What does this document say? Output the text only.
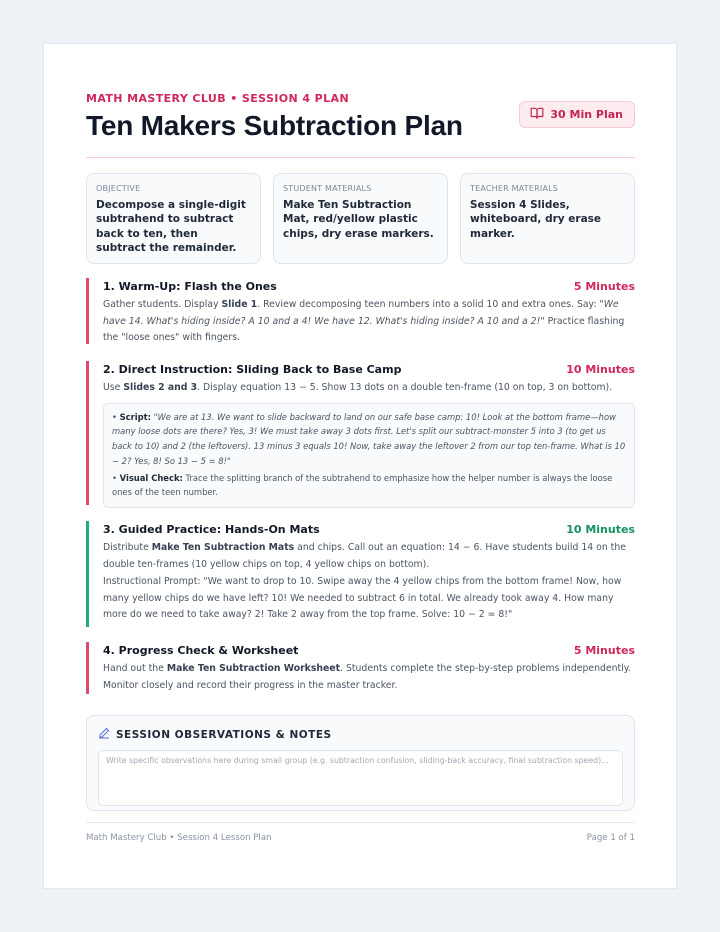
MATH MASTERY CLUB • SESSION 4 PLAN
Ten Makers Subtraction Plan	30 Min Plan
OBJECTIVE
Decompose a single-digit subtrahend to subtract back to ten, then subtract the remainder.
STUDENT MATERIALS
Make Ten Subtraction Mat, red/yellow plastic chips, dry erase markers.
TEACHER MATERIALS
Session 4 Slides, whiteboard, dry erase marker.
1. Warm-Up: Flash the Ones	5 Minutes
Gather students. Display Slide 1. Review decomposing teen numbers into a solid 10 and extra ones. Say: "We have 14. What's hiding inside? A 10 and a 4! We have 12. What's hiding inside? A 10 and a 2!" Practice flashing the "loose ones" with fingers.
2. Direct Instruction: Sliding Back to Base Camp	10 Minutes
Use Slides 2 and 3. Display equation 13 − 5. Show 13 dots on a double ten-frame (10 on top, 3 on bottom).
• Script: "We are at 13. We want to slide backward to land on our safe base camp: 10! Look at the bottom frame—how many loose dots are there? Yes, 3! We must take away 3 dots first. Let's split our subtract-monster 5 into 3 (to get us back to 10) and 2 (the leftovers). 13 minus 3 equals 10! Now, take away the leftover 2 from our top ten-frame. What is 10 − 2? Yes, 8! So 13 − 5 = 8!"
• Visual Check: Trace the splitting branch of the subtrahend to emphasize how the helper number is always the loose ones of the teen number.
3. Guided Practice: Hands-On Mats	10 Minutes

Distribute Make Ten Subtraction Mats and chips. Call out an equation: 14 − 6. Have students build 14 on the double ten-frames (10 yellow chips on top, 4 yellow chips on bottom).

Instructional Prompt: "We want to drop to 10. Swipe away the 4 yellow chips from the bottom frame! Now, how many yellow chips do we have left? 10! We needed to subtract 6 in total. We already took away 4. How many more do we need to take away? 2! Take 2 away from the top frame. Solve: 10 − 2 = 8!"

4. Progress Check & Worksheet	5 Minutes
Hand out the Make Ten Subtraction Worksheet. Students complete the step-by-step problems independently. Monitor closely and record their progress in the master tracker.
SESSION OBSERVATIONS & NOTES
Write specific observations here during small group (e.g. subtraction confusion, sliding-back accuracy, final subtraction speed)...
Math Mastery Club • Session 4 Lesson Plan	Page 1 of 1
